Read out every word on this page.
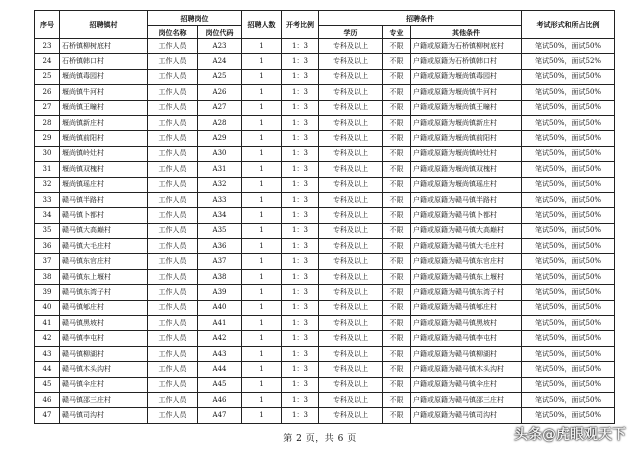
序号	招聘镇村	招聘岗位		招聘人数	开考比例	招聘条件			考试形式和所占比例
		岗位名称	岗位代码			学历	专业	其他条件	
23	石桥镇柳树底村	工作人员	A23	1	1：3	专科及以上	不限	户籍或原籍为石桥镇柳树底村	笔试50%，面试50%
24	石桥镇韩口村	工作人员	A24	1	1：3	专科及以上	不限	户籍或原籍为石桥镇韩口村	笔试50%，面试52%
25	堰尚镇毒园村	工作人员	A25	1	1：3	专科及以上	不限	户籍或原籍为堰尚镇毒园村	笔试50%，面试50%
26	堰尚镇牛河村	工作人员	A26	1	1：3	专科及以上	不限	户籍或原籍为堰尚镇牛河村	笔试50%，面试50%
27	堰尚镇王疃村	工作人员	A27	1	1：3	专科及以上	不限	户籍或原籍为堰尚镇王疃村	笔试50%，面试50%
28	堰尚镇新庄村	工作人员	A28	1	1：3	专科及以上	不限	户籍或原籍为堰尚镇新庄村	笔试50%，面试50%
29	堰尚镇前阳村	工作人员	A29	1	1：3	专科及以上	不限	户籍或原籍为堰尚镇前阳村	笔试50%，面试50%
30	堰尚镇岭灶村	工作人员	A30	1	1：3	专科及以上	不限	户籍或原籍为堰尚镇岭灶村	笔试50%，面试50%
31	堰尚镇双槐村	工作人员	A31	1	1：3	专科及以上	不限	户籍或原籍为堰尚镇双槐村	笔试50%，面试50%
32	堰尚镇瑶庄村	工作人员	A32	1	1：3	专科及以上	不限	户籍或原籍为堰尚镇瑶庄村	笔试50%，面试50%
33	赣马镇半路村	工作人员	A33	1	1：3	专科及以上	不限	户籍或原籍为赣马镇半路村	笔试50%，面试50%
34	赣马镇卜都村	工作人员	A34	1	1：3	专科及以上	不限	户籍或原籍为赣马镇卜都村	笔试50%，面试50%
35	赣马镇大高巅村	工作人员	A35	1	1：3	专科及以上	不限	户籍或原籍为赣马镇大高巅村	笔试50%，面试50%
36	赣马镇大毛庄村	工作人员	A36	1	1：3	专科及以上	不限	户籍或原籍为赣马镇大毛庄村	笔试50%，面试50%
37	赣马镇东官庄村	工作人员	A37	1	1：3	专科及以上	不限	户籍或原籍为赣马镇东官庄村	笔试50%，面试50%
38	赣马镇东上堰村	工作人员	A38	1	1：3	专科及以上	不限	户籍或原籍为赣马镇东上堰村	笔试50%，面试50%
39	赣马镇东湾子村	工作人员	A39	1	1：3	专科及以上	不限	户籍或原籍为赣马镇东湾子村	笔试50%，面试50%
40	赣马镇郇庄村	工作人员	A40	1	1：3	专科及以上	不限	户籍或原籍为赣马镇郇庄村	笔试50%，面试50%
41	赣马镇黑坡村	工作人员	A41	1	1：3	专科及以上	不限	户籍或原籍为赣马镇黑坡村	笔试50%，面试50%
42	赣马镇李屯村	工作人员	A42	1	1：3	专科及以上	不限	户籍或原籍为赣马镇李屯村	笔试50%，面试50%
43	赣马镇柳湖村	工作人员	A43	1	1：3	专科及以上	不限	户籍或原籍为赣马镇柳湖村	笔试50%，面试50%
44	赣马镇木头沟村	工作人员	A44	1	1：3	专科及以上	不限	户籍或原籍为赣马镇木头沟村	笔试50%，面试50%
45	赣马镇伞庄村	工作人员	A45	1	1：3	专科及以上	不限	户籍或原籍为赣马镇伞庄村	笔试50%，面试50%
46	赣马镇邵三庄村	工作人员	A46	1	1：3	专科及以上	不限	户籍或原籍为赣马镇邵三庄村	笔试50%，面试50%
47	赣马镇司沟村	工作人员	A47	1	1：3	专科及以上	不限	户籍或原籍为赣马镇司沟村	笔试50%，面试50%
第 2 页，共 6 页	头条@虎眼观天下
